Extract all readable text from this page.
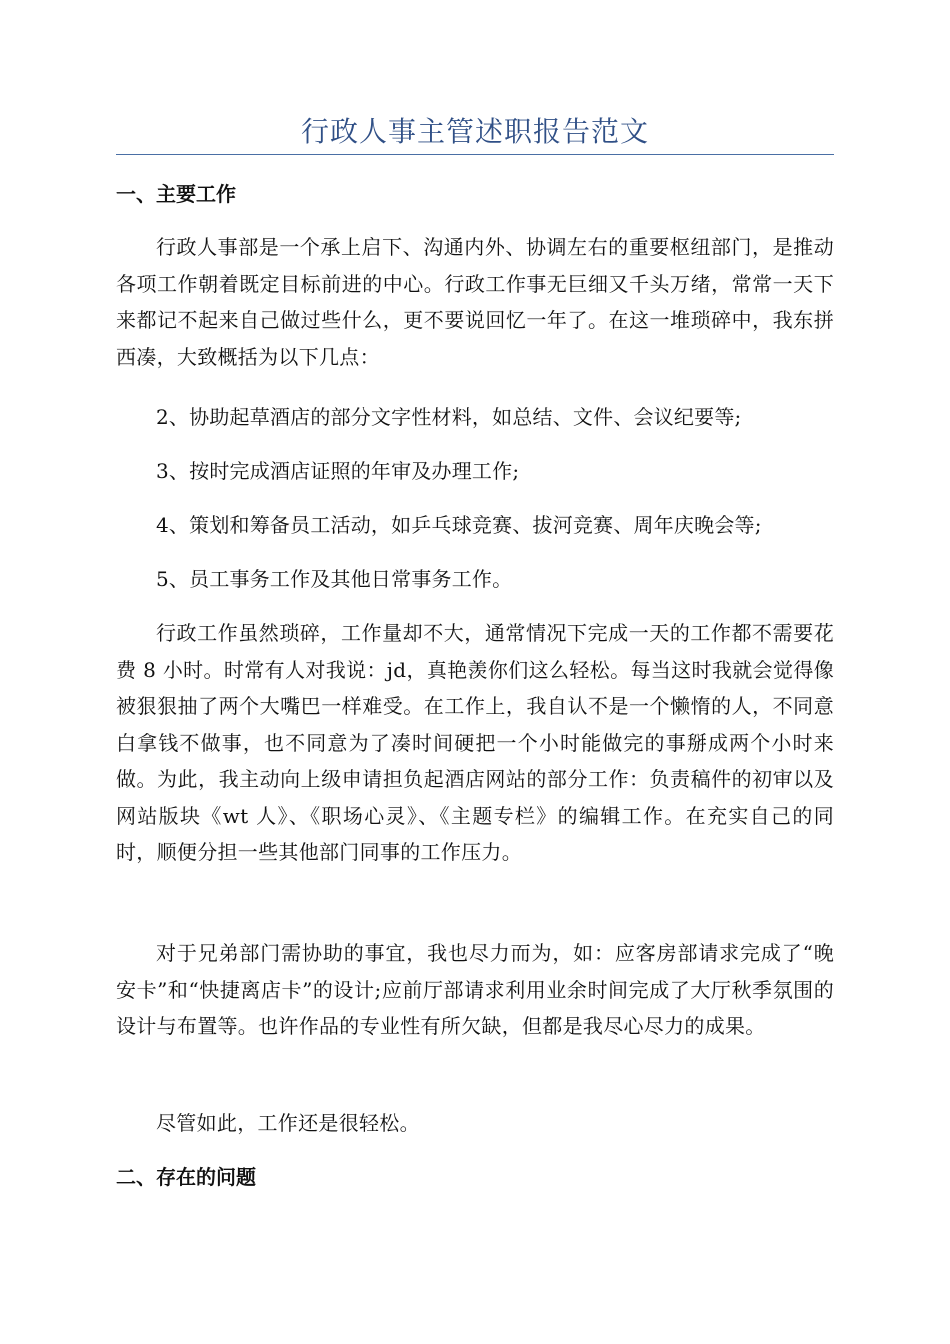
行政人事主管述职报告范文
一、主要工作

行政人事部是一个承上启下、沟通内外、协调左右的重要枢纽部门，是推动各项工作朝着既定目标前进的中心。行政工作事无巨细又千头万绪，常常一天下来都记不起来自己做过些什么，更不要说回忆一年了。在这一堆琐碎中，我东拼西凑，大致概括为以下几点：

2、协助起草酒店的部分文字性材料，如总结、文件、会议纪要等;

3、按时完成酒店证照的年审及办理工作;

4、策划和筹备员工活动，如乒乓球竞赛、拔河竞赛、周年庆晚会等;

5、员工事务工作及其他日常事务工作。

行政工作虽然琐碎，工作量却不大，通常情况下完成一天的工作都不需要花费 8 小时。时常有人对我说：jd，真艳羡你们这么轻松。每当这时我就会觉得像被狠狠抽了两个大嘴巴一样难受。在工作上，我自认不是一个懒惰的人，不同意白拿钱不做事，也不同意为了凑时间硬把一个小时能做完的事掰成两个小时来做。为此，我主动向上级申请担负起酒店网站的部分工作：负责稿件的初审以及网站版块《wt 人》、《职场心灵》、《主题专栏》的编辑工作。在充实自己的同时，顺便分担一些其他部门同事的工作压力。

对于兄弟部门需协助的事宜，我也尽力而为，如：应客房部请求完成了“晚安卡”和“快捷离店卡”的设计;应前厅部请求利用业余时间完成了大厅秋季氛围的设计与布置等。也许作品的专业性有所欠缺，但都是我尽心尽力的成果。

尽管如此，工作还是很轻松。

二、存在的问题
